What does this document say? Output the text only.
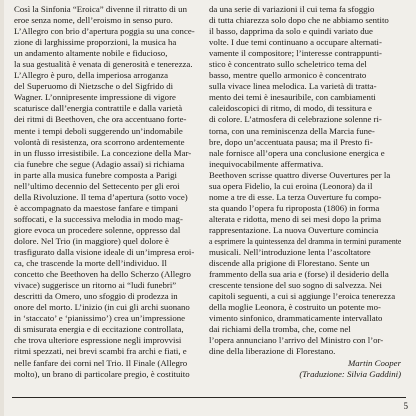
Così la Sinfonia “Eroica” divenne il ritratto di un
eroe senza nome, dell’eroismo in senso puro.
L’Allegro con brio d’apertura poggia su una conce-
zione di larghissime proporzioni, la musica ha
un andamento altamente nobile e fiducioso,
la sua gestualità è venata di generosità e tenerezza.
L’Allegro è puro, della imperiosa arroganza
del Superuomo di Nietzsche o del Sigfrido di
Wagner. L’onnipresente impressione di vigore
scaturisce dall’energia contrattile e dalla varietà
dei ritmi di Beethoven, che ora accentuano forte-
mente i tempi deboli suggerendo un’indomabile
volontà di resistenza, ora scorrono ardentemente
in un flusso irresistibile. La concezione della Mar-
cia funebre che segue (Adagio assai) si richiama
in parte alla musica funebre composta a Parigi
nell’ultimo decennio del Settecento per gli eroi
della Rivoluzione. Il tema d’apertura (sotto voce)
è accompagnato da maestose fanfare e timpani
soffocati, e la successiva melodia in modo mag-
giore evoca un procedere solenne, oppresso dal
dolore. Nel Trio (in maggiore) quel dolore è
trasfigurato dalla visione ideale di un’impresa eroi-
ca, che trascende la morte dell’individuo. Il
concetto che Beethoven ha dello Scherzo (Allegro
vivace) suggerisce un ritorno ai “ludi funebri”
descritti da Omero, uno sfoggio di prodezza in
onore del morto. L’inizio (in cui gli archi suonano
in ‘staccato’ e ‘pianissimo’) crea un’impressione
di smisurata energia e di eccitazione controllata,
che trova ulteriore espressione negli improvvisi
ritmi spezzati, nei brevi scambi fra archi e fiati, e
nelle fanfare dei corni nel Trio. Il Finale (Allegro
molto), un brano di particolare pregio, è costituito
da una serie di variazioni il cui tema fa sfoggio
di tutta chiarezza solo dopo che ne abbiamo sentito
il basso, dapprima da solo e quindi variato due
volte. I due temi continuano a occupare alternati-
vamente il compositore; l’interesse contrappunti-
stico è concentrato sullo scheletrico tema del
basso, mentre quello armonico è concentrato
sulla vivace linea melodica. La varietà di tratta-
mento dei temi è inesauribile, con cambiamenti
caleidoscopici di ritmo, di modo, di tessitura e
di colore. L’atmosfera di celebrazione solenne ri-
torna, con una reminiscenza della Marcia fune-
bre, dopo un’accentuata pausa; ma il Presto fi-
nale fornisce all’opera una conclusione energica e
inequivocabilmente affermativa.
Beethoven scrisse quattro diverse Ouvertures per la
sua opera Fidelio, la cui eroina (Leonora) da il
nome a tre di esse. La terza Ouverture fu compo-
sta quando l’opera fu riproposta (1806) in forma
alterata e ridotta, meno di sei mesi dopo la prima
rappresentazione. La nuova Ouverture comincia
a esprimere la quintessenza del dramma in termini puramente
musicali. Nell’introduzione lenta l’ascoltatore
discende alla prigione di Florestano. Sente un
frammento della sua aria e (forse) il desiderio della
crescente tensione del suo sogno di salvezza. Nei
capitoli seguenti, a cui si aggiunge l’eroica tenerezza
della moglie Leonora, è costruito un potente mo-
vimento sinfonico, drammaticamente intervallato
dai richiami della tromba, che, come nel
l’opera annunciano l’arrivo del Ministro con l’or-
dine della liberazione di Florestano.
Martin Cooper
(Traduzione: Silvia Gaddini)
5
